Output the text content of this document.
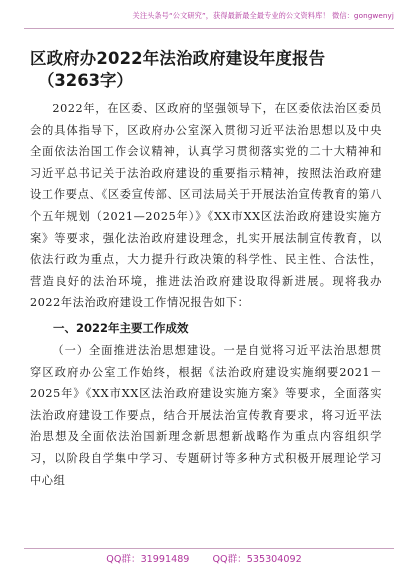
关注头条号“公文研究”，获得最新最全最专业的公文资料库！ 微信：gongwenyj
区政府办2022年法治政府建设年度报告
（3263字）

2022年，在区委、区政府的坚强领导下，在区委依法治区委员会的具体指导下，区政府办公室深入贯彻习近平法治思想以及中央全面依法治国工作会议精神，认真学习贯彻落实党的二十大精神和习近平总书记关于法治政府建设的重要指示精神，按照法治政府建设工作要点、《区委宣传部、区司法局关于开展法治宣传教育的第八个五年规划（2021—2025年）》《XX市XX区法治政府建设实施方案》等要求，强化法治政府建设理念，扎实开展法制宣传教育，以依法行政为重点，大力提升行政决策的科学性、民主性、合法性，营造良好的法治环境，推进法治政府建设取得新进展。现将我办2022年法治政府建设工作情况报告如下：

一、2022年主要工作成效

（一）全面推进法治思想建设。一是自觉将习近平法治思想贯穿区政府办公室工作始终，根据《法治政府建设实施纲要2021－2025年》《XX市XX区法治政府建设实施方案》等要求，全面落实法治政府建设工作要点，结合开展法治宣传教育要求，将习近平法治思想及全面依法治国新理念新思想新战略作为重点内容组织学习，以阶段自学集中学习、专题研讨等多种方式积极开展理论学习中心组

QQ群：31991489 QQ群：535304092
